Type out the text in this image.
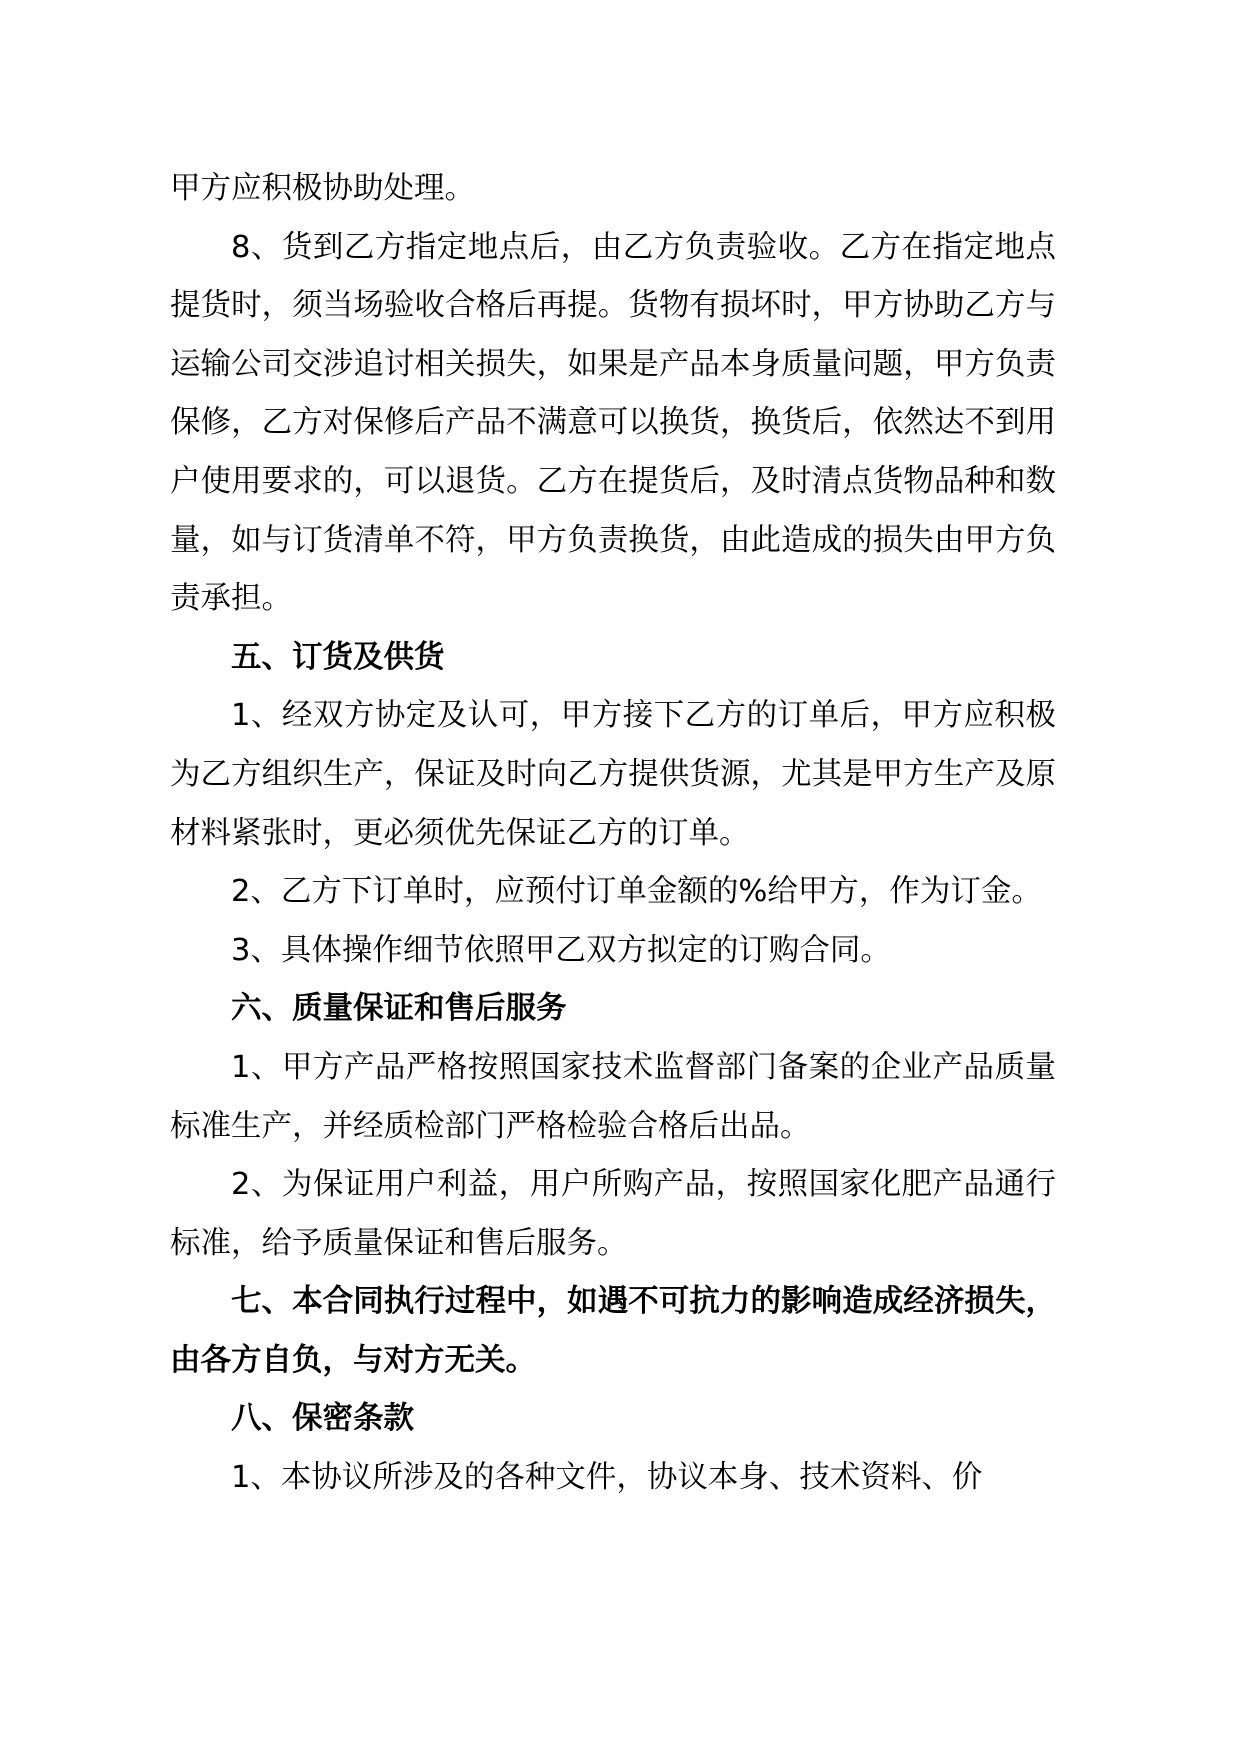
甲方应积极协助处理。

8、货到乙方指定地点后，由乙方负责验收。乙方在指定地点提货时，须当场验收合格后再提。货物有损坏时，甲方协助乙方与运输公司交涉追讨相关损失，如果是产品本身质量问题，甲方负责保修，乙方对保修后产品不满意可以换货，换货后，依然达不到用户使用要求的，可以退货。乙方在提货后，及时清点货物品种和数量，如与订货清单不符，甲方负责换货，由此造成的损失由甲方负责承担。

五、订货及供货

1、经双方协定及认可，甲方接下乙方的订单后，甲方应积极为乙方组织生产，保证及时向乙方提供货源，尤其是甲方生产及原材料紧张时，更必须优先保证乙方的订单。

2、乙方下订单时，应预付订单金额的%给甲方，作为订金。

3、具体操作细节依照甲乙双方拟定的订购合同。

六、质量保证和售后服务

1、甲方产品严格按照国家技术监督部门备案的企业产品质量标准生产，并经质检部门严格检验合格后出品。

2、为保证用户利益，用户所购产品，按照国家化肥产品通行标准，给予质量保证和售后服务。

七、本合同执行过程中，如遇不可抗力的影响造成经济损失，由各方自负，与对方无关。

八、保密条款

1、本协议所涉及的各种文件，协议本身、技术资料、价
